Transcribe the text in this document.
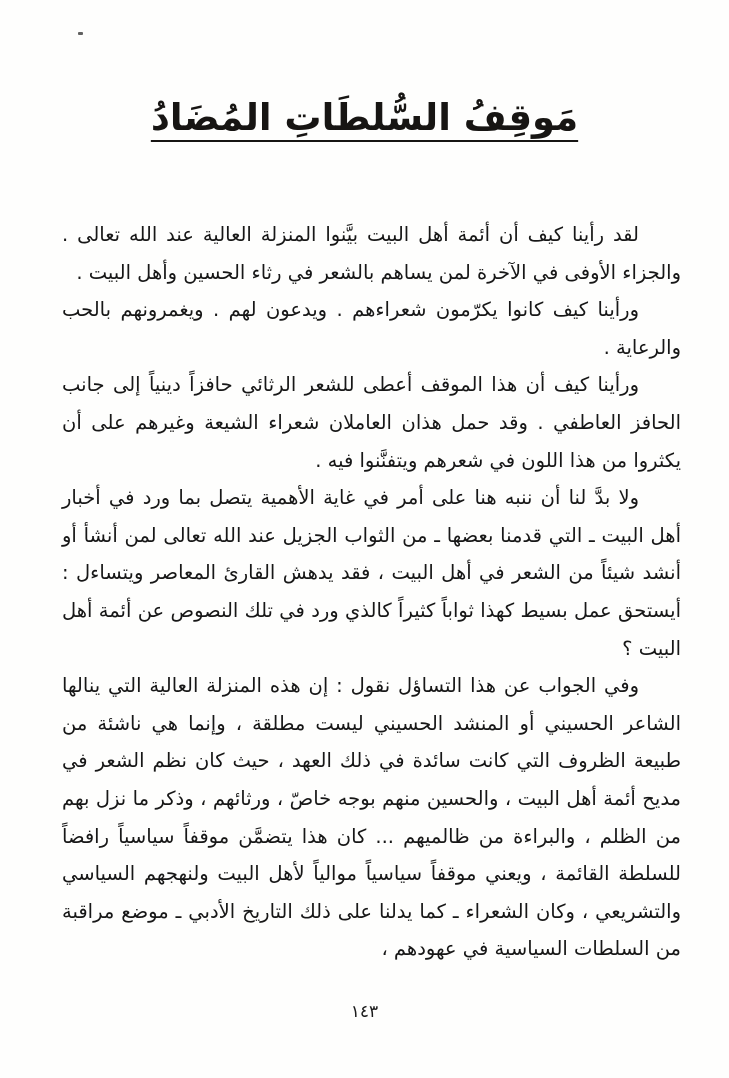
مَوقِفُ السُّلطَاتِ المُضَادُ

لقد رأينا كيف أن أئمة أهل البيت بيَّنوا المنزلة العالية عند الله تعالى . والجزاء الأوفى في الآخرة لمن يساهم بالشعر في رثاء الحسين وأهل البيت .

ورأينا كيف كانوا يكرّمون شعراءهم . ويدعون لهم . ويغمرونهم بالحب والرعاية .

ورأينا كيف أن هذا الموقف أعطى للشعر الرثائي حافزاً دينياً إلى جانب الحافز العاطفي . وقد حمل هذان العاملان شعراء الشيعة وغيرهم على أن يكثروا من هذا اللون في شعرهم ويتفنَّنوا فيه .

ولا بدَّ لنا أن ننبه هنا على أمر في غاية الأهمية يتصل بما ورد في أخبار أهل البيت ـ التي قدمنا بعضها ـ من الثواب الجزيل عند الله تعالى لمن أنشأ أو أنشد شيئاً من الشعر في أهل البيت ، فقد يدهش القارئ المعاصر ويتساءل : أيستحق عمل بسيط كهذا ثواباً كثيراً كالذي ورد في تلك النصوص عن أئمة أهل البيت ؟

وفي الجواب عن هذا التساؤل نقول : إن هذه المنزلة العالية التي ينالها الشاعر الحسيني أو المنشد الحسيني ليست مطلقة ، وإنما هي ناشئة من طبيعة الظروف التي كانت سائدة في ذلك العهد ، حيث كان نظم الشعر في مديح أئمة أهل البيت ، والحسين منهم بوجه خاصّ ، ورثائهم ، وذكر ما نزل بهم من الظلم ، والبراءة من ظالميهم ... كان هذا يتضمَّن موقفاً سياسياً رافضاً للسلطة القائمة ، ويعني موقفاً سياسياً موالياً لأهل البيت ولنهجهم السياسي والتشريعي ، وكان الشعراء ـ كما يدلنا على ذلك التاريخ الأدبي ـ موضع مراقبة من السلطات السياسية في عهودهم ،

١٤٣
